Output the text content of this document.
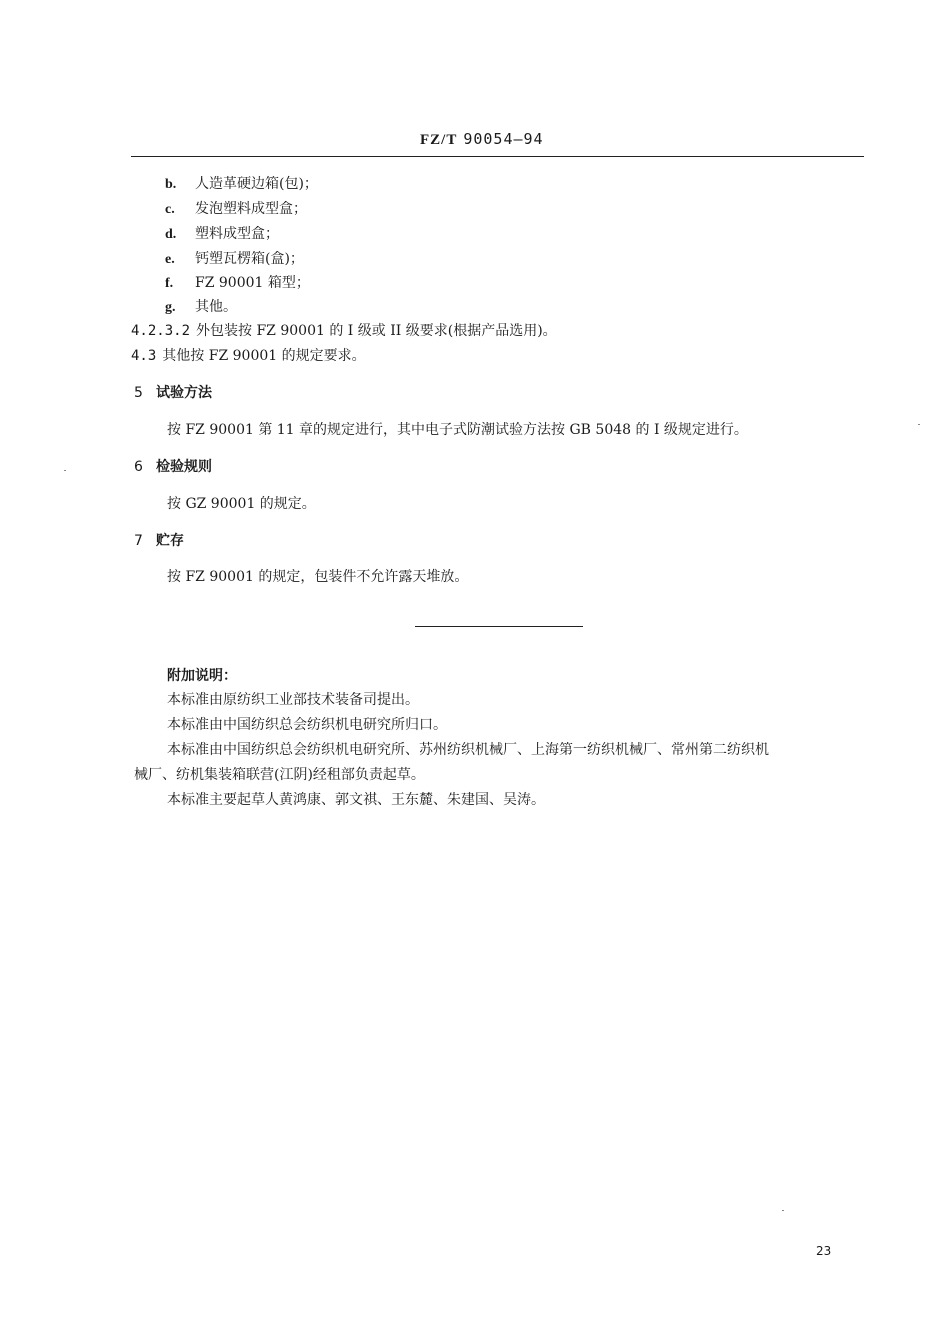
FZ/T 90054—94
b. 人造革硬边箱(包)；
c. 发泡塑料成型盒；
d. 塑料成型盒；
e. 钙塑瓦楞箱(盒)；
f. FZ 90001 箱型；
g. 其他。
4.2.3.2 外包装按 FZ 90001 的 I 级或 II 级要求(根据产品选用)。
4.3 其他按 FZ 90001 的规定要求。
5 试验方法
按 FZ 90001 第 11 章的规定进行，其中电子式防潮试验方法按 GB 5048 的 I 级规定进行。
6 检验规则
按 GZ 90001 的规定。
7 贮存
按 FZ 90001 的规定，包装件不允许露天堆放。
附加说明：
本标准由原纺织工业部技术装备司提出。
本标准由中国纺织总会纺织机电研究所归口。
本标准由中国纺织总会纺织机电研究所、苏州纺织机械厂、上海第一纺织机械厂、常州第二纺织机
械厂、纺机集装箱联营(江阴)经租部负责起草。
本标准主要起草人黄鸿康、郭文祺、王东麓、朱建国、吴涛。
23
